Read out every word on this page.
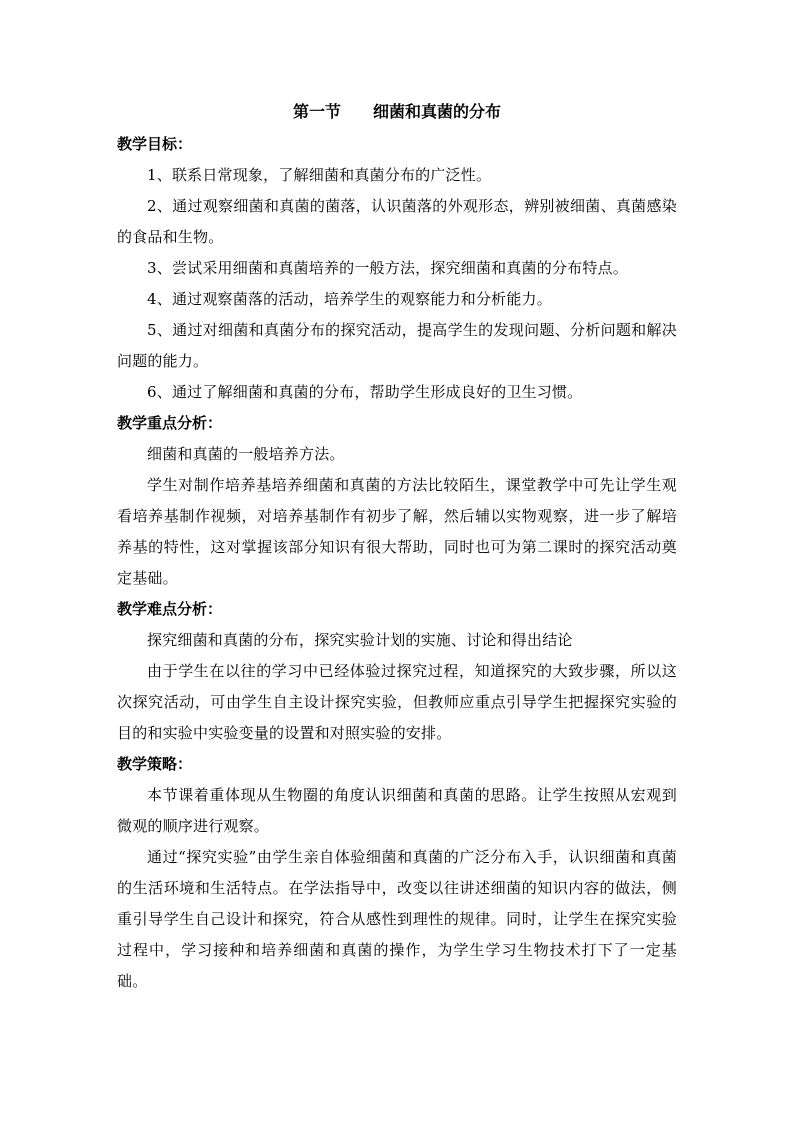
第一节　　细菌和真菌的分布
教学目标：

1、联系日常现象，了解细菌和真菌分布的广泛性。

2、通过观察细菌和真菌的菌落，认识菌落的外观形态，辨别被细菌、真菌感染的食品和生物。

3、尝试采用细菌和真菌培养的一般方法，探究细菌和真菌的分布特点。

4、通过观察菌落的活动，培养学生的观察能力和分析能力。

5、通过对细菌和真菌分布的探究活动，提高学生的发现问题、分析问题和解决问题的能力。

6、通过了解细菌和真菌的分布，帮助学生形成良好的卫生习惯。

教学重点分析：

细菌和真菌的一般培养方法。

学生对制作培养基培养细菌和真菌的方法比较陌生，课堂教学中可先让学生观看培养基制作视频，对培养基制作有初步了解，然后辅以实物观察，进一步了解培养基的特性，这对掌握该部分知识有很大帮助，同时也可为第二课时的探究活动奠定基础。

教学难点分析：

探究细菌和真菌的分布，探究实验计划的实施、讨论和得出结论

由于学生在以往的学习中已经体验过探究过程，知道探究的大致步骤，所以这次探究活动，可由学生自主设计探究实验，但教师应重点引导学生把握探究实验的目的和实验中实验变量的设置和对照实验的安排。

教学策略：

本节课着重体现从生物圈的角度认识细菌和真菌的思路。让学生按照从宏观到微观的顺序进行观察。

通过“探究实验”由学生亲自体验细菌和真菌的广泛分布入手，认识细菌和真菌的生活环境和生活特点。在学法指导中，改变以往讲述细菌的知识内容的做法，侧重引导学生自己设计和探究，符合从感性到理性的规律。同时，让学生在探究实验过程中，学习接种和培养细菌和真菌的操作，为学生学习生物技术打下了一定基础。
